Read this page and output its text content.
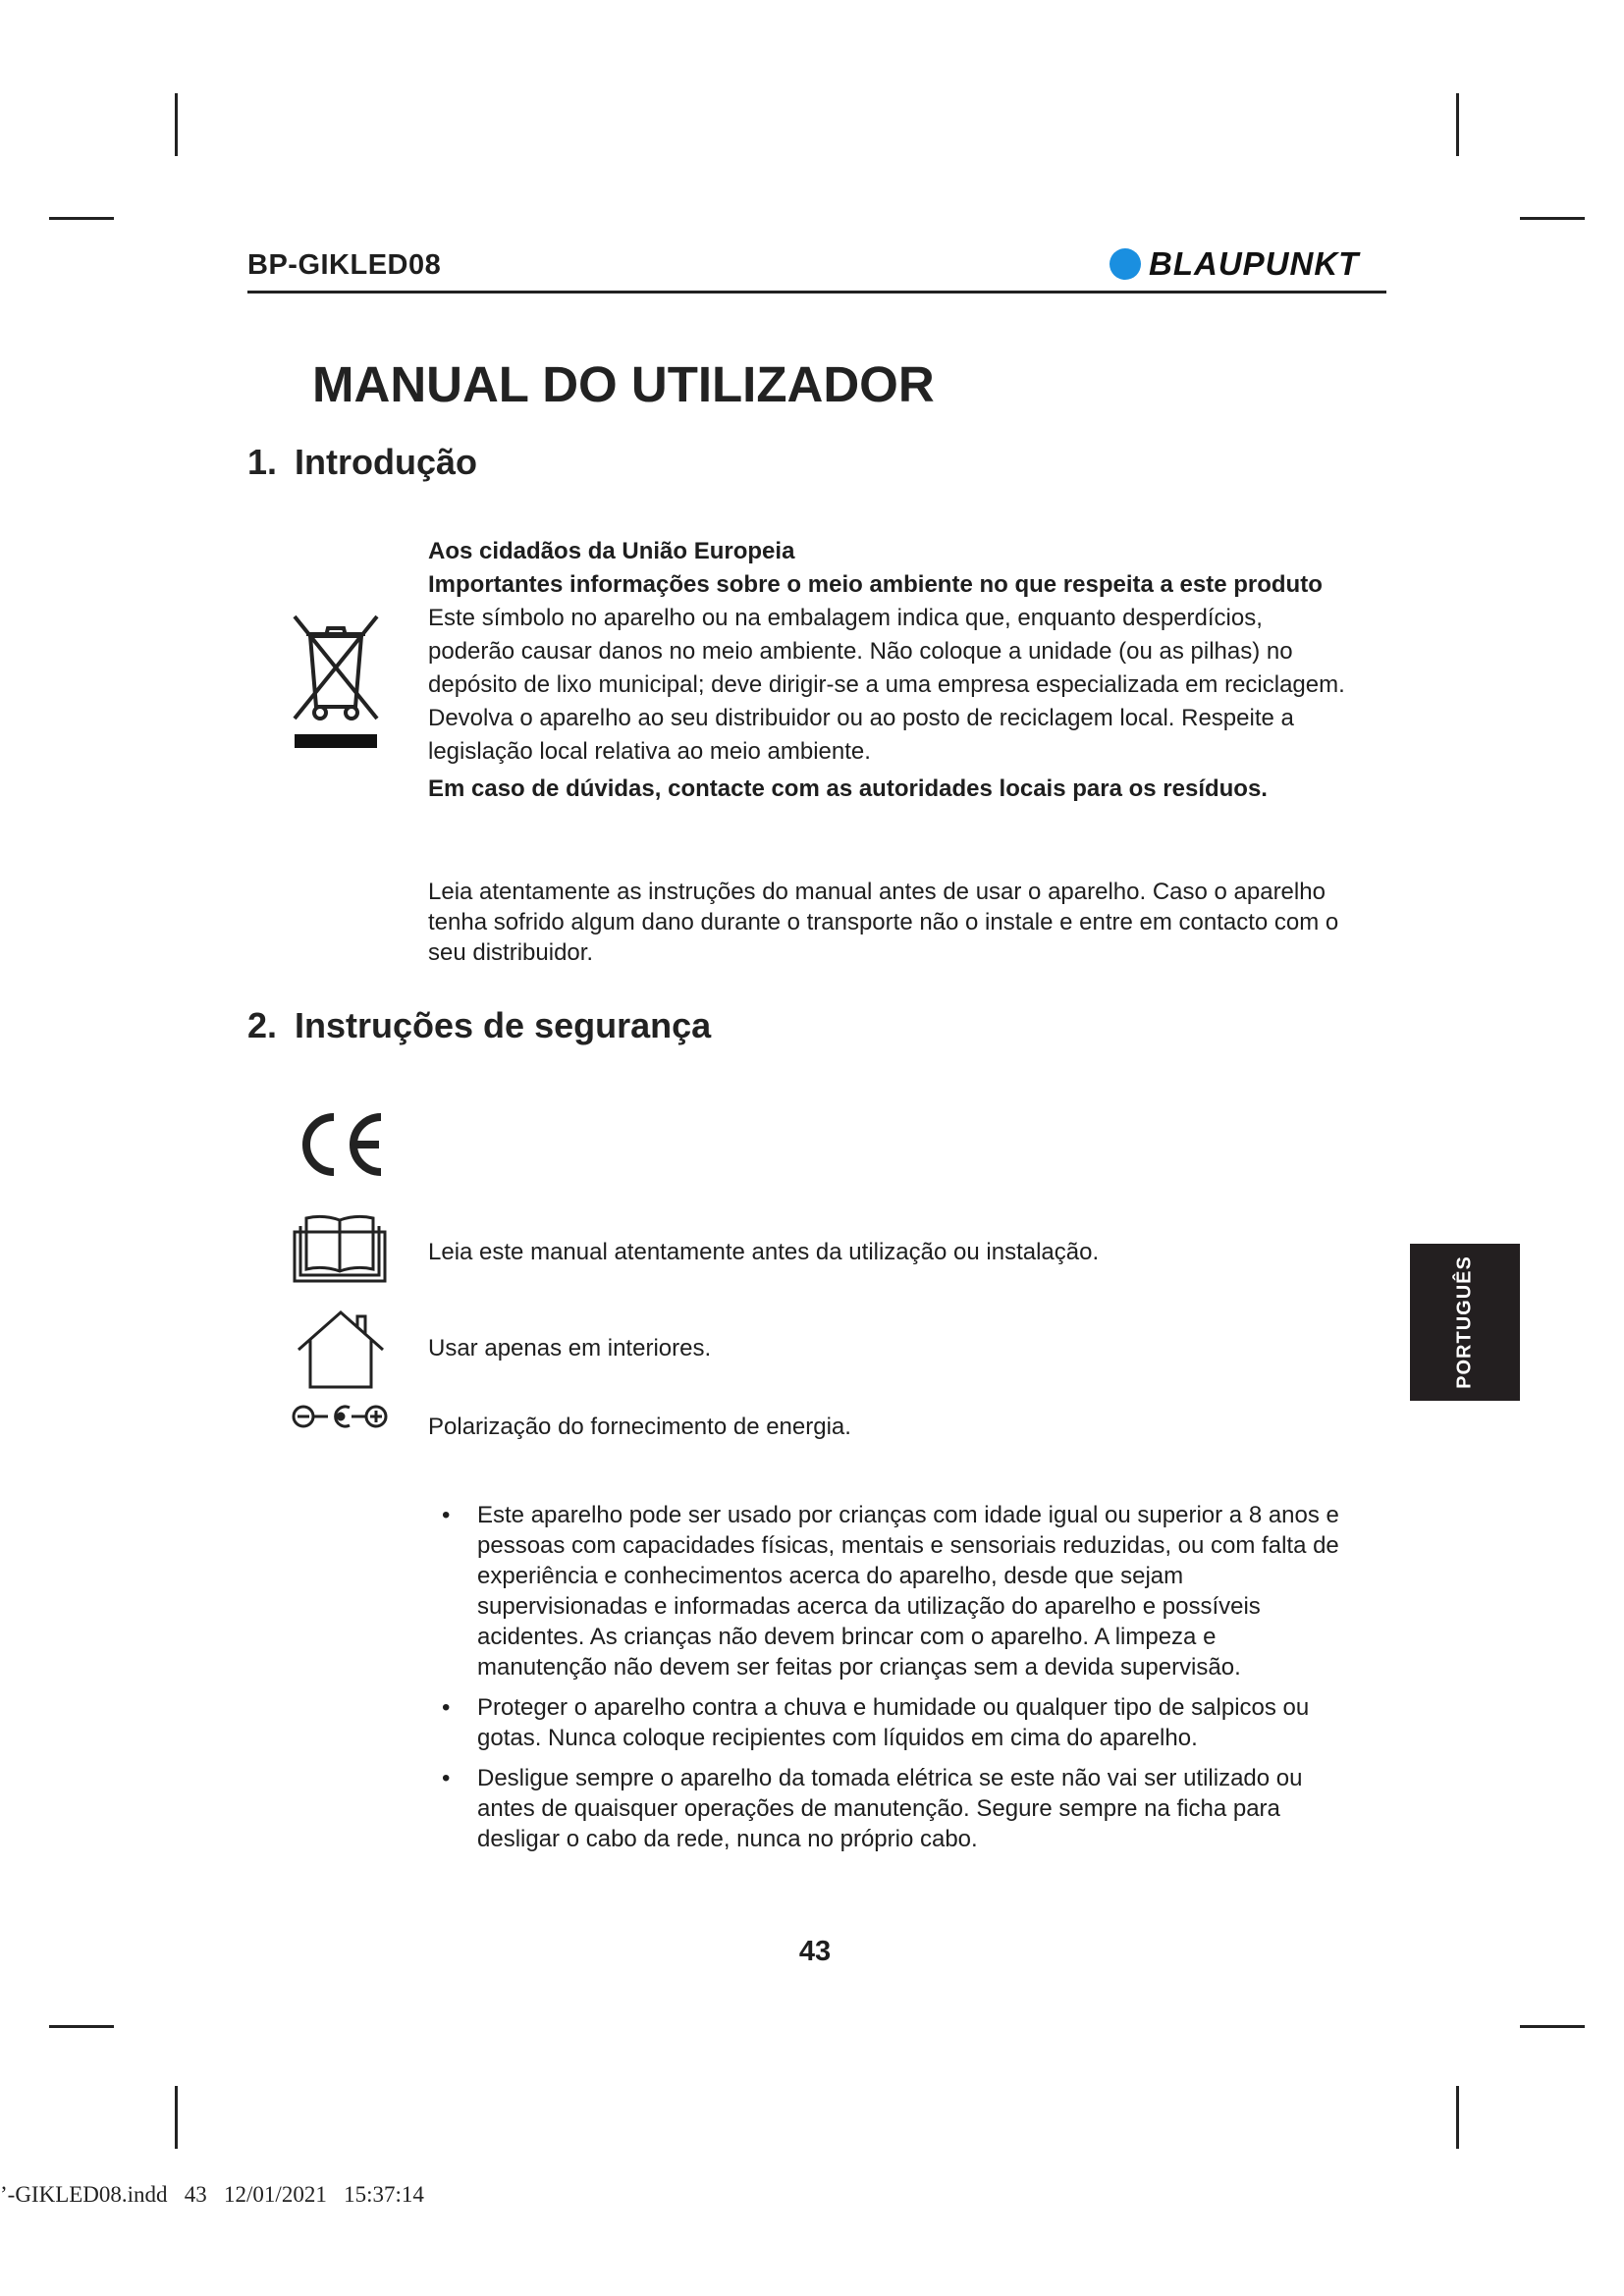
BP-GIKLED08	BLAUPUNKT
MANUAL DO UTILIZADOR
1. Introdução

Aos cidadãos da União Europeia

Importantes informações sobre o meio ambiente no que respeita a este produto

Este símbolo no aparelho ou na embalagem indica que, enquanto desperdícios, poderão causar danos no meio ambiente. Não coloque a unidade (ou as pilhas) no depósito de lixo municipal; deve dirigir-se a uma empresa especializada em reciclagem. Devolva o aparelho ao seu distribuidor ou ao posto de reciclagem local. Respeite a legislação local relativa ao meio ambiente.

Em caso de dúvidas, contacte com as autoridades locais para os resíduos.

Leia atentamente as instruções do manual antes de usar o aparelho. Caso o aparelho tenha sofrido algum dano durante o transporte não o instale e entre em contacto com o seu distribuidor.

2. Instruções de segurança
Leia este manual atentamente antes da utilização ou instalação.
Usar apenas em interiores.
Polarização do fornecimento de energia.
• Este aparelho pode ser usado por crianças com idade igual ou superior a 8 anos e pessoas com capacidades físicas, mentais e sensoriais reduzidas, ou com falta de experiência e conhecimentos acerca do aparelho, desde que sejam supervisionadas e informadas acerca da utilização do aparelho e possíveis acidentes. As crianças não devem brincar com o aparelho. A limpeza e manutenção não devem ser feitas por crianças sem a devida supervisão.
• Proteger o aparelho contra a chuva e humidade ou qualquer tipo de salpicos ou gotas. Nunca coloque recipientes com líquidos em cima do aparelho.
• Desligue sempre o aparelho da tomada elétrica se este não vai ser utilizado ou antes de quaisquer operações de manutenção. Segure sempre na ficha para desligar o cabo da rede, nunca no próprio cabo.
PORTUGUÊS
43
ʼ-GIKLED08.indd   43   12/01/2021   15:37:14
